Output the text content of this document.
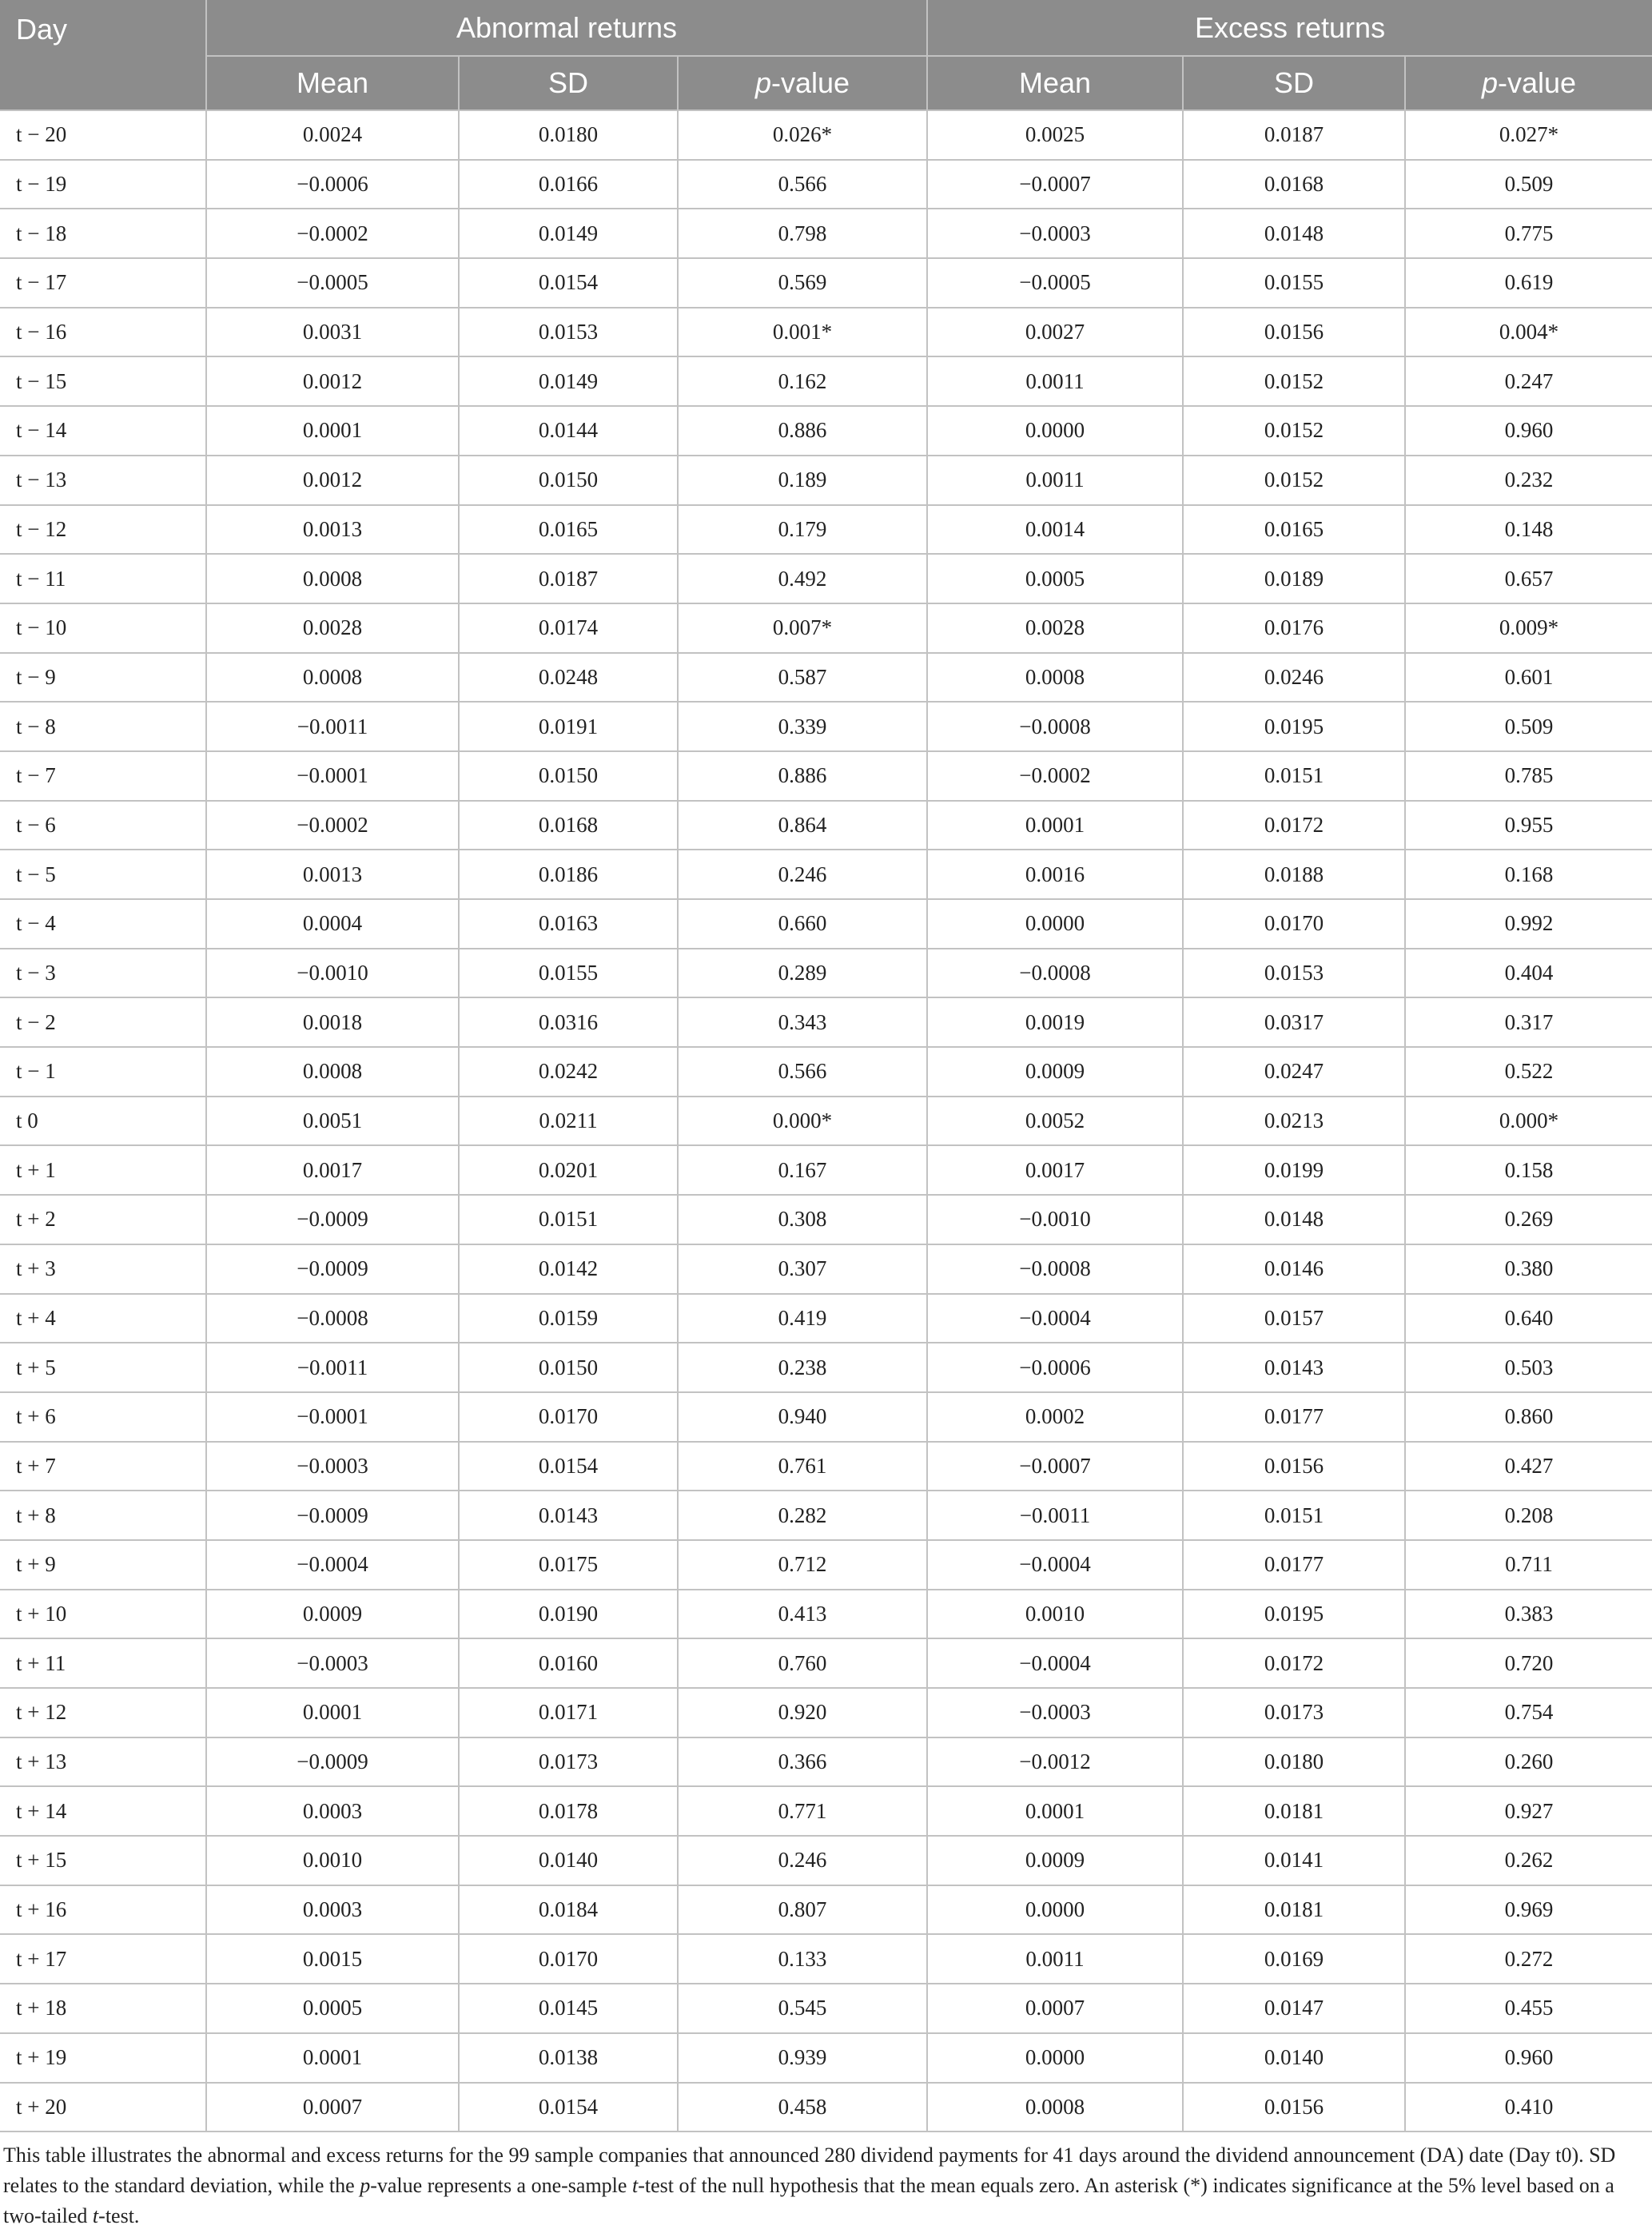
Day	Abnormal returns			Excess returns		
	Mean	SD	p-value	Mean	SD	p-value
t − 20	0.0024	0.0180	0.026*	0.0025	0.0187	0.027*
t − 19	−0.0006	0.0166	0.566	−0.0007	0.0168	0.509
t − 18	−0.0002	0.0149	0.798	−0.0003	0.0148	0.775
t − 17	−0.0005	0.0154	0.569	−0.0005	0.0155	0.619
t − 16	0.0031	0.0153	0.001*	0.0027	0.0156	0.004*
t − 15	0.0012	0.0149	0.162	0.0011	0.0152	0.247
t − 14	0.0001	0.0144	0.886	0.0000	0.0152	0.960
t − 13	0.0012	0.0150	0.189	0.0011	0.0152	0.232
t − 12	0.0013	0.0165	0.179	0.0014	0.0165	0.148
t − 11	0.0008	0.0187	0.492	0.0005	0.0189	0.657
t − 10	0.0028	0.0174	0.007*	0.0028	0.0176	0.009*
t − 9	0.0008	0.0248	0.587	0.0008	0.0246	0.601
t − 8	−0.0011	0.0191	0.339	−0.0008	0.0195	0.509
t − 7	−0.0001	0.0150	0.886	−0.0002	0.0151	0.785
t − 6	−0.0002	0.0168	0.864	0.0001	0.0172	0.955
t − 5	0.0013	0.0186	0.246	0.0016	0.0188	0.168
t − 4	0.0004	0.0163	0.660	0.0000	0.0170	0.992
t − 3	−0.0010	0.0155	0.289	−0.0008	0.0153	0.404
t − 2	0.0018	0.0316	0.343	0.0019	0.0317	0.317
t − 1	0.0008	0.0242	0.566	0.0009	0.0247	0.522
t 0	0.0051	0.0211	0.000*	0.0052	0.0213	0.000*
t + 1	0.0017	0.0201	0.167	0.0017	0.0199	0.158
t + 2	−0.0009	0.0151	0.308	−0.0010	0.0148	0.269
t + 3	−0.0009	0.0142	0.307	−0.0008	0.0146	0.380
t + 4	−0.0008	0.0159	0.419	−0.0004	0.0157	0.640
t + 5	−0.0011	0.0150	0.238	−0.0006	0.0143	0.503
t + 6	−0.0001	0.0170	0.940	0.0002	0.0177	0.860
t + 7	−0.0003	0.0154	0.761	−0.0007	0.0156	0.427
t + 8	−0.0009	0.0143	0.282	−0.0011	0.0151	0.208
t + 9	−0.0004	0.0175	0.712	−0.0004	0.0177	0.711
t + 10	0.0009	0.0190	0.413	0.0010	0.0195	0.383
t + 11	−0.0003	0.0160	0.760	−0.0004	0.0172	0.720
t + 12	0.0001	0.0171	0.920	−0.0003	0.0173	0.754
t + 13	−0.0009	0.0173	0.366	−0.0012	0.0180	0.260
t + 14	0.0003	0.0178	0.771	0.0001	0.0181	0.927
t + 15	0.0010	0.0140	0.246	0.0009	0.0141	0.262
t + 16	0.0003	0.0184	0.807	0.0000	0.0181	0.969
t + 17	0.0015	0.0170	0.133	0.0011	0.0169	0.272
t + 18	0.0005	0.0145	0.545	0.0007	0.0147	0.455
t + 19	0.0001	0.0138	0.939	0.0000	0.0140	0.960
t + 20	0.0007	0.0154	0.458	0.0008	0.0156	0.410

This table illustrates the abnormal and excess returns for the 99 sample companies that announced 280 dividend payments for 41 days around the dividend announcement (DA) date (Day t0). SD relates to the standard deviation, while the p-value represents a one-sample t-test of the null hypothesis that the mean equals zero. An asterisk (*) indicates significance at the 5% level based on a two-tailed t-test.
